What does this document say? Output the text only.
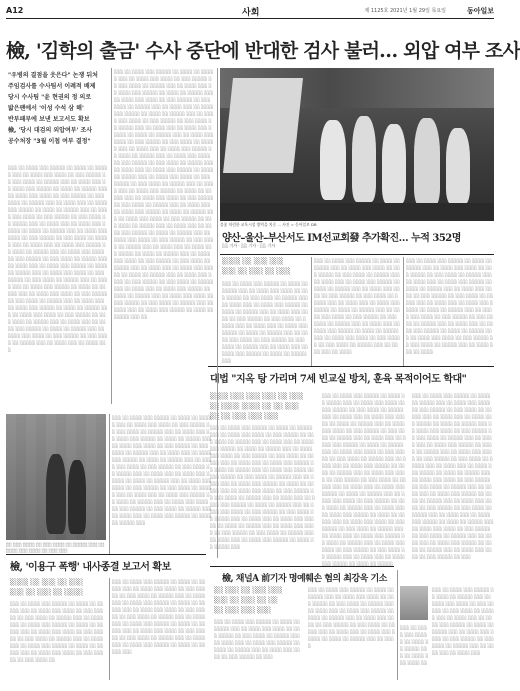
A12	사회	제 1125호 2021년 1월 29일 목요일	동아일보
檢, '김학의 출금' 수사 중단에 반대한 검사 불러… 외압 여부 조사
"우병의 결점을 웃은다" 논쟁 뒤처
주임검사를 수사팀서 이례적 배제
당시 수사팀 "윤 현권의 정 의로
밟은팬에서 '이성 수석 삼 해'
반부패부에 보낸 보고서도 확보
檢, '당시 대검의 외압여부' 조사
공수처장 "3월 이첩 여부 결정"
░░░ ░░ ░░░░ ░░░ ░░░░░ ░░ ░░░░ ░░ ░░░░░ ░░░ ░░ ░░░░ ░░░ ░░░░ ░░ ░░░ ░░░░░ ░░ ░░░ ░░░░ ░░ ░░░░░ ░░░ ░░ ░░░░ ░░░ ░░ ░░░░ ░░░ ░░░░░ ░░ ░░░░ ░░ ░░░░░ ░░░ ░░ ░░░░ ░░░ ░░░░ ░░ ░░░ ░░░░░ ░░ ░░░ ░░░░ ░░ ░░░░░ ░░░ ░░ ░░░░ ░░░ ░░ ░░░░ ░░░ ░░░░░ ░░ ░░░░ ░░ ░░░░░ ░░░ ░░ ░░░░ ░░░ ░░░░ ░░ ░░░ ░░░░░ ░░ ░░░ ░░░░ ░░ ░░░░░ ░░░ ░░ ░░░░ ░░░ ░░ ░░░░ ░░░ ░░░░░ ░░ ░░░░ ░░ ░░░░░ ░░░ ░░ ░░░░ ░░░ ░░░░ ░░ ░░░ ░░░░░ ░░ ░░░ ░░░░ ░░ ░░░░░ ░░░ ░░ ░░░░ ░░░ ░░ ░░░░ ░░░ ░░░░░ ░░ ░░░░ ░░ ░░░░░ ░░░ ░░ ░░░░ ░░░ ░░░░ ░░ ░░░ ░░░░░ ░░ ░░░ ░░░░ ░░ ░░░░░ ░░░ ░░ ░░░░ ░░░ ░░ ░░░░ ░░░ ░░░░░ ░░ ░░░░ ░░ ░░░░░ ░░░ ░░ ░░░░ ░░░ ░░░░ ░░ ░░░ ░░░░░ ░░ ░░░ ░░░░ ░░ ░░░░░ ░░░ ░░ ░░░░ ░░░ ░░ ░░░░ ░░░ ░░░░░ ░░ ░░░░ ░░ ░░░░░ ░░░ ░░ ░░░░ ░░░ ░░░░ ░░ ░░░ ░░░░░ ░░ ░░░ ░░░░ ░░ ░░░░░ ░░░ ░░ ░░░░ ░░░ ░░ ░░░░ ░░░ ░░░░░ ░░ ░░░░ ░░ ░░░░░ ░░░ ░░ ░░░░ ░░░ ░░░░ ░░ ░░░ ░░░░░ ░░ ░░░ ░░░░ ░░ ░░░░░ ░░░ ░░ ░░░░ ░░░ ░░ ░░░░ ░░░ ░░░░░ ░░ ░░░░ ░░ ░░░░░ ░░░ ░░ ░░░░ ░░░ ░░░░ ░░ ░░░ ░░░░░ ░░ ░░░ ░░░░ ░░ ░░░░░ ░░░ ░░ ░░░░ ░░░ ░░ ░░░░ ░░░
░░░ ░░ ░░░░ ░░░ ░░░░░ ░░ ░░░░ ░░ ░░░░░ ░░░ ░░ ░░░░ ░░░ ░░░░ ░░ ░░░ ░░░░░ ░░ ░░░ ░░░░ ░░ ░░░░░ ░░░ ░░ ░░░░ ░░░ ░░ ░░░░ ░░░ ░░░░░ ░░ ░░░░ ░░ ░░░░░ ░░░ ░░ ░░░░ ░░░ ░░░░ ░░ ░░░ ░░░░░ ░░ ░░░ ░░░░ ░░ ░░░░░ ░░░ ░░ ░░░░ ░░░ ░░ ░░░░ ░░░ ░░░░░ ░░ ░░░░ ░░ ░░░░░ ░░░ ░░ ░░░░ ░░░ ░░░░ ░░ ░░░ ░░░░░ ░░ ░░░ ░░░░ ░░ ░░░░░ ░░░ ░░ ░░░░ ░░░ ░░ ░░░░ ░░░ ░░░░░ ░░ ░░░░ ░░ ░░░░░ ░░░ ░░ ░░░░ ░░░ ░░░░ ░░ ░░░ ░░░░░ ░░ ░░░ ░░░░ ░░ ░░░░░ ░░░ ░░ ░░░░ ░░░ ░░ ░░░░ ░░░ ░░░░░ ░░ ░░░░ ░░ ░░░░░ ░░░ ░░ ░░░░ ░░░ ░░░░ ░░ ░░░ ░░░░░ ░░ ░░░ ░░░░ ░░ ░░░░░ ░░░ ░░ ░░░░ ░░░ ░░ ░░░░ ░░░ ░░░░░ ░░ ░░░░ ░░ ░░░░░ ░░░ ░░ ░░░░ ░░░ ░░░░ ░░ ░░░ ░░░░░ ░░ ░░░ ░░░░ ░░ ░░░░░ ░░░ ░░ ░░░░ ░░░ ░░ ░░░░ ░░░ ░░░░░ ░░ ░░░░ ░░ ░░░░░ ░░░ ░░ ░░░░ ░░░ ░░░░ ░░ ░░░ ░░░░░ ░░ ░░░ ░░░░ ░░ ░░░░░ ░░░ ░░ ░░░░ ░░░ ░░ ░░░░ ░░░ ░░░░░ ░░ ░░░░ ░░ ░░░░░ ░░░ ░░ ░░░░ ░░░ ░░░░ ░░ ░░░ ░░░░░ ░░ ░░░ ░░░░ ░░ ░░░░░ ░░░ ░░ ░░░░ ░░░ ░░ ░░░░ ░░░ ░░░░░ ░░ ░░░░ ░░ ░░░░░ ░░░ ░░ ░░░░ ░░░ ░░░░ ░░ ░░░ ░░░░░ ░░ ░░░ ░░░░ ░░ ░░░░░ ░░░ ░░ ░░░░ ░░░ ░░ ░░░░ ░░░ ░░░░░ ░░ ░░░░ ░░ ░░░░░ ░░░ ░░ ░░░░ ░░░ ░░░░ ░░ ░░░ ░░░░░ ░░ ░░░ ░░░░ ░░ ░░░░░ ░░░ ░░ ░░░░ ░░░ ░░ ░░░░ ░░░ ░░░░░ ░░ ░░░░ ░░ ░░░░░ ░░░ ░░ ░░░░ ░░░ ░░░░ ░░ ░░░ ░░░░░ ░░ ░░░ ░░░░ ░░ ░░░░░ ░░░ ░░ ░░░░ ░░░ ░░ ░░░░ ░░░ ░░░░░ ░░ ░░░░ ░░ ░░░░░ ░░░ ░░ ░░░░ ░░░ ░░░░ ░░ ░░░ ░░░░░ ░░ ░░░ ░░░░ ░░ ░░░░░ ░░░ ░░ ░░░░ ░░░ ░░ ░░░░ ░░░ ░░░░░ ░░ ░░░░ ░░ ░░░░░ ░░░ ░░
불꽃 처럼한 교육시설 방역을 치중 ... 사진 = 동아일보 DB
양산–울산–부산서도 IM선교회發 추가확진… 누적 352명
░░ 기자 · ░░ 기자 · ░░ 기자
░░░░ ░░ ░░░ ░░░
░░░ ░░ ░░░ ░░ ░░░
░░░ ░░ ░░░░ ░░░ ░░░░░ ░░ ░░░░ ░░ ░░░░░ ░░░ ░░ ░░░░ ░░░ ░░░░ ░░ ░░░ ░░░░░ ░░ ░░░ ░░░░ ░░ ░░░░░ ░░░ ░░ ░░░░ ░░░ ░░ ░░░░ ░░░ ░░░░░ ░░ ░░░░ ░░ ░░░░░ ░░░ ░░ ░░░░ ░░░ ░░░░ ░░ ░░░ ░░░░░ ░░ ░░░ ░░░░ ░░ ░░░░░ ░░░ ░░ ░░░░ ░░░ ░░ ░░░░ ░░░ ░░░░░ ░░ ░░░░ ░░ ░░░░░ ░░░ ░░ ░░░░ ░░░ ░░░░ ░░ ░░░ ░░░░░ ░░ ░░░ ░░░░ ░░ ░░░░░ ░░░ ░░ ░░░░ ░░░ ░░ ░░░░ ░░░ ░░░░░ ░░ ░░░░ ░░ ░░░░░ ░░░
░░░ ░░ ░░░░ ░░░ ░░░░░ ░░ ░░░░ ░░ ░░░░░ ░░░ ░░ ░░░░ ░░░ ░░░░ ░░ ░░░ ░░░░░ ░░ ░░░ ░░░░ ░░ ░░░░░ ░░░ ░░ ░░░░ ░░░ ░░ ░░░░ ░░░ ░░░░░ ░░ ░░░░ ░░ ░░░░░ ░░░ ░░ ░░░░ ░░░ ░░░░ ░░ ░░░ ░░░░░ ░░ ░░░ ░░░░ ░░ ░░░░░ ░░░ ░░ ░░░░ ░░░ ░░ ░░░░ ░░░ ░░░░░ ░░ ░░░░ ░░ ░░░░░ ░░░ ░░ ░░░░ ░░░ ░░░░ ░░ ░░░ ░░░░░ ░░ ░░░ ░░░░ ░░ ░░░░░ ░░░ ░░ ░░░░ ░░░ ░░ ░░░░ ░░░ ░░░░░ ░░ ░░░░ ░░ ░░░░░ ░░░ ░░ ░░░░ ░░░ ░░░░ ░░ ░░░ ░░░░░ ░░ ░░░ ░░░░ ░░ ░░░░░ ░░░ ░░ ░░░░ ░░░ ░░ ░░░░
░░░ ░░ ░░░░ ░░░ ░░░░░ ░░ ░░░░ ░░ ░░░░░ ░░░ ░░ ░░░░ ░░░ ░░░░ ░░ ░░░ ░░░░░ ░░ ░░░ ░░░░ ░░ ░░░░░ ░░░ ░░ ░░░░ ░░░ ░░ ░░░░ ░░░ ░░░░░ ░░ ░░░░ ░░ ░░░░░ ░░░ ░░ ░░░░ ░░░ ░░░░ ░░ ░░░ ░░░░░ ░░ ░░░ ░░░░ ░░ ░░░░░ ░░░ ░░ ░░░░ ░░░ ░░ ░░░░ ░░░ ░░░░░ ░░ ░░░░ ░░ ░░░░░ ░░░ ░░ ░░░░ ░░░ ░░░░ ░░ ░░░ ░░░░░ ░░ ░░░ ░░░░ ░░ ░░░░░ ░░░ ░░ ░░░░ ░░░ ░░ ░░░░ ░░░ ░░░░░ ░░ ░░░░ ░░ ░░░░░ ░░░ ░░ ░░░░ ░░░ ░░░░ ░░ ░░░ ░░░░░ ░░ ░░░ ░░░░ ░░ ░░░░░ ░░░ ░░ ░░░░ ░░░ ░░ ░░░░
대법 "지옥 탕 가리며 7세 빈교실 방치, 훈육 목적이어도 학대"
░░░░ ░░░ ░░░ ░░░ ░░ ░░░
░░ ░░░░ ░░░░ ░░ ░░ ░░░
░░ ░░ ░░░ ░░░ ░░░
░░░ ░░ ░░░░ ░░░ ░░░░░ ░░ ░░░░ ░░ ░░░░░ ░░░ ░░ ░░░░ ░░░ ░░░░ ░░ ░░░ ░░░░░ ░░ ░░░ ░░░░ ░░ ░░░░░ ░░░ ░░ ░░░░ ░░░ ░░ ░░░░ ░░░ ░░░░░ ░░ ░░░░ ░░ ░░░░░ ░░░ ░░ ░░░░ ░░░ ░░░░ ░░ ░░░ ░░░░░ ░░ ░░░ ░░░░ ░░ ░░░░░ ░░░ ░░ ░░░░ ░░░ ░░ ░░░░ ░░░ ░░░░░ ░░ ░░░░ ░░ ░░░░░ ░░░ ░░ ░░░░ ░░░ ░░░░ ░░ ░░░ ░░░░░ ░░ ░░░ ░░░░ ░░ ░░░░░ ░░░ ░░ ░░░░ ░░░ ░░ ░░░░ ░░░ ░░░░░ ░░ ░░░░ ░░ ░░░░░ ░░░ ░░ ░░░░ ░░░ ░░░░ ░░ ░░░ ░░░░░ ░░ ░░░ ░░░░ ░░ ░░░░░ ░░░ ░░ ░░░░ ░░░ ░░ ░░░░ ░░░ ░░░░░ ░░ ░░░░ ░░ ░░░░░ ░░░ ░░ ░░░░ ░░░ ░░░░ ░░ ░░░ ░░░░░ ░░ ░░░ ░░░░ ░░ ░░░░░ ░░░ ░░ ░░░░ ░░░ ░░ ░░░░ ░░░ ░░░░░ ░░ ░░░░ ░░ ░░░░░ ░░░ ░░ ░░░░ ░░░ ░░░░ ░░ ░░░ ░░░░░ ░░ ░░░ ░░░░ ░░ ░░░░░ ░░░ ░░ ░░░░ ░░░ ░░ ░░░░ ░░░ ░░░░░ ░░ ░░░░ ░░ ░░░░░ ░░░
░░░ ░░ ░░░░ ░░░ ░░░░░ ░░ ░░░░ ░░ ░░░░░ ░░░ ░░ ░░░░ ░░░ ░░░░ ░░ ░░░ ░░░░░ ░░ ░░░ ░░░░ ░░ ░░░░░ ░░░ ░░ ░░░░ ░░░ ░░ ░░░░ ░░░ ░░░░░ ░░ ░░░░ ░░ ░░░░░ ░░░ ░░ ░░░░ ░░░ ░░░░ ░░ ░░░ ░░░░░ ░░ ░░░ ░░░░ ░░ ░░░░░ ░░░ ░░ ░░░░ ░░░ ░░ ░░░░ ░░░ ░░░░░ ░░ ░░░░ ░░ ░░░░░ ░░░ ░░ ░░░░ ░░░ ░░░░ ░░ ░░░ ░░░░░ ░░ ░░░ ░░░░ ░░ ░░░░░ ░░░ ░░ ░░░░ ░░░ ░░ ░░░░ ░░░ ░░░░░ ░░ ░░░░ ░░ ░░░░░ ░░░ ░░ ░░░░ ░░░ ░░░░ ░░ ░░░ ░░░░░ ░░ ░░░ ░░░░ ░░ ░░░░░ ░░░ ░░ ░░░░ ░░░ ░░ ░░░░ ░░░ ░░░░░ ░░ ░░░░ ░░ ░░░░░ ░░░ ░░ ░░░░ ░░░ ░░░░ ░░ ░░░ ░░░░░ ░░ ░░░ ░░░░ ░░ ░░░░░ ░░░ ░░ ░░░░ ░░░ ░░ ░░░░ ░░░ ░░░░░ ░░ ░░░░ ░░ ░░░░░ ░░░ ░░ ░░░░ ░░░ ░░░░ ░░ ░░░ ░░░░░ ░░ ░░░ ░░░░ ░░ ░░░░░ ░░░ ░░ ░░░░ ░░░ ░░ ░░░░ ░░░ ░░░░░ ░░ ░░░░ ░░ ░░░░░ ░░░ ░░ ░░░░ ░░░ ░░░░ ░░ ░░░ ░░░░░ ░░ ░░░ ░░░░ ░░ ░░░░░ ░░░ ░░ ░░░░ ░░░ ░░ ░░░░ ░░░ ░░░░░ ░░ ░░░░ ░░ ░░░░░
░░░ ░░ ░░░░ ░░░ ░░░░░ ░░ ░░░░ ░░ ░░░░░ ░░░ ░░ ░░░░ ░░░ ░░░░ ░░ ░░░ ░░░░░ ░░ ░░░ ░░░░ ░░ ░░░░░ ░░░ ░░ ░░░░ ░░░ ░░ ░░░░ ░░░ ░░░░░ ░░ ░░░░ ░░ ░░░░░ ░░░ ░░ ░░░░ ░░░ ░░░░ ░░ ░░░ ░░░░░ ░░ ░░░ ░░░░ ░░ ░░░░░ ░░░ ░░ ░░░░ ░░░ ░░ ░░░░ ░░░ ░░░░░ ░░ ░░░░ ░░ ░░░░░ ░░░ ░░ ░░░░ ░░░ ░░░░ ░░ ░░░ ░░░░░ ░░ ░░░ ░░░░ ░░ ░░░░░ ░░░ ░░ ░░░░ ░░░ ░░ ░░░░ ░░░ ░░░░░ ░░ ░░░░ ░░ ░░░░░ ░░░ ░░ ░░░░ ░░░ ░░░░ ░░ ░░░ ░░░░░ ░░ ░░░ ░░░░ ░░ ░░░░░ ░░░ ░░ ░░░░ ░░░ ░░ ░░░░ ░░░ ░░░░░ ░░ ░░░░ ░░ ░░░░░ ░░░ ░░ ░░░░ ░░░ ░░░░ ░░ ░░░ ░░░░░ ░░ ░░░ ░░░░ ░░ ░░░░░ ░░░ ░░ ░░░░ ░░░ ░░ ░░░░ ░░░ ░░░░░ ░░ ░░░░ ░░ ░░░░░ ░░░ ░░ ░░░░ ░░░ ░░░░ ░░ ░░░ ░░░░░ ░░ ░░░ ░░░░ ░░ ░░░░░ ░░░ ░░ ░░░░ ░░░ ░░ ░░░░ ░░░ ░░░░░ ░░ ░░░░ ░░ ░░░░░ ░░░ ░░ ░░░░ ░░░ ░░░░ ░░ ░░░ ░░░░░ ░░ ░░░
░░ ░░░ ░░░░ ░░ ░░░ ░░░░ ░░ ░░░░░ ░░░ ░░ ░░░░ ░░░ ░░░░ ░░ ░░░ ░░░
░░░ ░░ ░░░░ ░░░ ░░░░░ ░░ ░░░░ ░░ ░░░░░ ░░░ ░░ ░░░░ ░░░ ░░░░ ░░ ░░░ ░░░░░ ░░ ░░░ ░░░░ ░░ ░░░░░ ░░░ ░░ ░░░░ ░░░ ░░ ░░░░ ░░░ ░░░░░ ░░ ░░░░ ░░ ░░░░░ ░░░ ░░ ░░░░ ░░░ ░░░░ ░░ ░░░ ░░░░░ ░░ ░░░ ░░░░ ░░ ░░░░░ ░░░ ░░ ░░░░ ░░░ ░░ ░░░░ ░░░ ░░░░░ ░░ ░░░░ ░░ ░░░░░ ░░░ ░░ ░░░░ ░░░ ░░░░ ░░ ░░░ ░░░░░ ░░ ░░░ ░░░░ ░░ ░░░░░ ░░░ ░░ ░░░░ ░░░ ░░ ░░░░ ░░░ ░░░░░ ░░ ░░░░ ░░ ░░░░░ ░░░ ░░ ░░░░ ░░░ ░░░░ ░░ ░░░ ░░░░░ ░░ ░░░ ░░░░ ░░ ░░░░░ ░░░ ░░ ░░░░ ░░░ ░░ ░░░░ ░░░ ░░░░░ ░░ ░░░░ ░░ ░░░░░ ░░░ ░░ ░░░░ ░░░ ░░░░ ░░ ░░░ ░░░░░ ░░ ░░░ ░░░░ ░░ ░░░░░ ░░░ ░░ ░░░░ ░░░ ░░ ░░░░ ░░░ ░░░░░ ░░ ░░░░ ░░ ░░░░░ ░░░
檢, '이용구 폭행' 내사종결 보고서 확보
░░░░ ░░ ░░░ ░░ ░░░
░░░ ░░ ░░░ ░░ ░░░░
░░░ ░░ ░░░░ ░░░ ░░░░░ ░░ ░░░░ ░░ ░░░░░ ░░░ ░░ ░░░░ ░░░ ░░░░ ░░ ░░░ ░░░░░ ░░ ░░░ ░░░░ ░░ ░░░░░ ░░░ ░░ ░░░░ ░░░ ░░ ░░░░ ░░░ ░░░░░ ░░ ░░░░ ░░ ░░░░░ ░░░ ░░ ░░░░ ░░░ ░░░░ ░░ ░░░ ░░░░░ ░░ ░░░ ░░░░ ░░ ░░░░░ ░░░ ░░ ░░░░ ░░░ ░░ ░░░░ ░░░ ░░░░░ ░░ ░░░░ ░░ ░░░░░ ░░░ ░░ ░░░░ ░░░ ░░░░ ░░ ░░░ ░░░░░ ░░ ░░░ ░░░░ ░░
░░░ ░░ ░░░░ ░░░ ░░░░░ ░░ ░░░░ ░░ ░░░░░ ░░░ ░░ ░░░░ ░░░ ░░░░ ░░ ░░░ ░░░░░ ░░ ░░░ ░░░░ ░░ ░░░░░ ░░░ ░░ ░░░░ ░░░ ░░ ░░░░ ░░░ ░░░░░ ░░ ░░░░ ░░ ░░░░░ ░░░ ░░ ░░░░ ░░░ ░░░░ ░░ ░░░ ░░░░░ ░░ ░░░ ░░░░ ░░ ░░░░░ ░░░ ░░ ░░░░ ░░░ ░░ ░░░░ ░░░ ░░░░░ ░░ ░░░░ ░░ ░░░░░ ░░░ ░░ ░░░░ ░░░ ░░░░ ░░ ░░░ ░░░░░ ░░ ░░░ ░░░░ ░░ ░░░░░ ░░░ ░░ ░░░░ ░░░ ░░ ░░░░ ░░░ ░░░░░ ░░ ░░░░ ░░ ░░░░░ ░░░
檢, 채널A 前기자 명예훼손 혐의 최강욱 기소
░░ ░░░ ░░ ░░░ ░░░
░░░ ░░ ░░░ ░░ ░░
░░ ░░░ ░░░ ░░░
░░░ ░░ ░░░░ ░░░ ░░░░░ ░░ ░░░░ ░░ ░░░░░ ░░░ ░░ ░░░░ ░░░ ░░░░ ░░ ░░░ ░░░░░ ░░ ░░░ ░░░░ ░░ ░░░░░ ░░░ ░░ ░░░░ ░░░ ░░ ░░░░ ░░░ ░░░░░ ░░ ░░░░ ░░ ░░░░░ ░░░ ░░ ░░░░ ░░░ ░░░░ ░░ ░░░ ░░░░░ ░░ ░░░
░░░ ░░ ░░░░ ░░░ ░░░░░ ░░ ░░░░ ░░ ░░░░░ ░░░ ░░ ░░░░ ░░░ ░░░░ ░░ ░░░ ░░░░░ ░░ ░░░ ░░░░ ░░ ░░░░░ ░░░ ░░ ░░░░ ░░░ ░░ ░░░░ ░░░ ░░░░░ ░░ ░░░░ ░░ ░░░░░ ░░░ ░░ ░░░░ ░░░ ░░░░ ░░ ░░░ ░░░░░ ░░ ░░░ ░░░░ ░░ ░░░░░ ░░░ ░░ ░░░░ ░░░ ░░ ░░░░ ░░░ ░░░░░ ░░ ░░░░ ░░ ░░░░░ ░░░ ░░ ░░░░
░░░ ░░ ░░░░ ░░░ ░░░░░ ░░ ░░░░ ░░ ░░░░░ ░░░ ░░ ░░░░ ░░░ ░░░░ ░░ ░░░ ░░░░░ ░░ ░░░ ░░░░ ░░ ░░░░░ ░░░ ░░ ░░░░ ░░░ ░░ ░░░░ ░░░ ░░░░░ ░░ ░░░░ ░░ ░░░░░ ░░░ ░░ ░░░░ ░░░ ░░░░ ░░ ░░░ ░░░░░ ░░ ░░░ ░░░░ ░░ ░░░░░ ░░░ ░░ ░░░░ ░░░ ░░ ░░░░ ░░░
░░░ ░░ ░░░░ ░░░ ░░░░░ ░░ ░░░░ ░░ ░░░░░ ░░░ ░░ ░░░░ ░░░ ░░░░ ░░
